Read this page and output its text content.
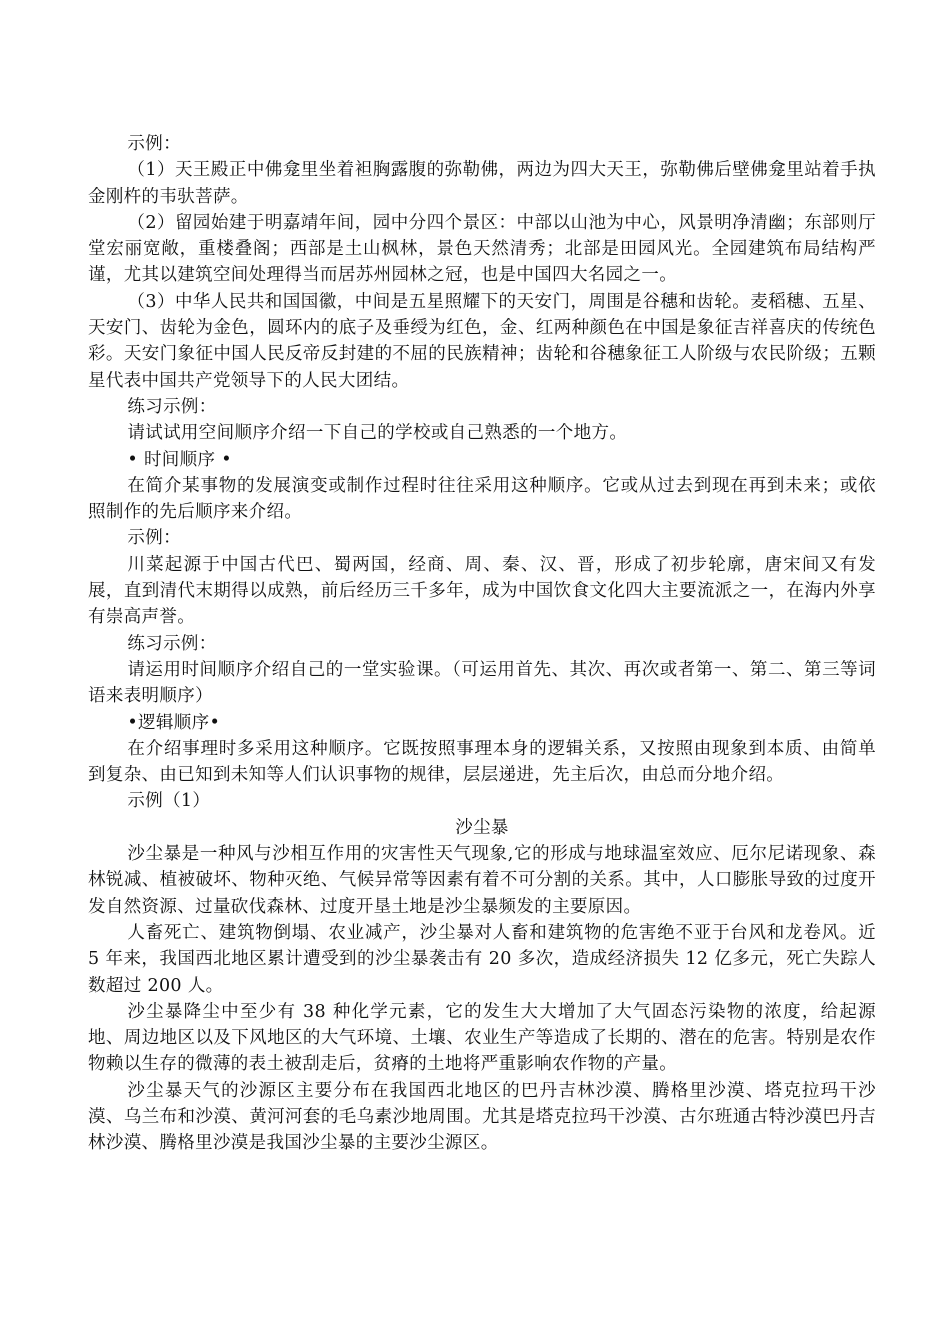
示例：

（1）天王殿正中佛龛里坐着袒胸露腹的弥勒佛，两边为四大天王，弥勒佛后壁佛龛里站着手执金刚杵的韦驮菩萨。

（2）留园始建于明嘉靖年间，园中分四个景区：中部以山池为中心，风景明净清幽；东部则厅堂宏丽宽敞，重楼叠阁；西部是土山枫林，景色天然清秀；北部是田园风光。全园建筑布局结构严谨，尤其以建筑空间处理得当而居苏州园林之冠，也是中国四大名园之一。

（3）中华人民共和国国徽，中间是五星照耀下的天安门，周围是谷穗和齿轮。麦稻穗、五星、天安门、齿轮为金色，圆环内的底子及垂绶为红色，金、红两种颜色在中国是象征吉祥喜庆的传统色彩。天安门象征中国人民反帝反封建的不屈的民族精神；齿轮和谷穗象征工人阶级与农民阶级；五颗星代表中国共产党领导下的人民大团结。

练习示例：

请试试用空间顺序介绍一下自己的学校或自己熟悉的一个地方。

• 时间顺序 •

在简介某事物的发展演变或制作过程时往往采用这种顺序。它或从过去到现在再到未来；或依照制作的先后顺序来介绍。

示例：

川菜起源于中国古代巴、蜀两国，经商、周、秦、汉、晋，形成了初步轮廓，唐宋间又有发展，直到清代末期得以成熟，前后经历三千多年，成为中国饮食文化四大主要流派之一，在海内外享有崇高声誉。

练习示例：

请运用时间顺序介绍自己的一堂实验课。（可运用首先、其次、再次或者第一、第二、第三等词语来表明顺序）

•逻辑顺序•

在介绍事理时多采用这种顺序。它既按照事理本身的逻辑关系，又按照由现象到本质、由简单到复杂、由已知到未知等人们认识事物的规律，层层递进，先主后次，由总而分地介绍。

示例（1）

沙尘暴

沙尘暴是一种风与沙相互作用的灾害性天气现象,它的形成与地球温室效应、厄尔尼诺现象、森林锐减、植被破坏、物种灭绝、气候异常等因素有着不可分割的关系。其中，人口膨胀导致的过度开发自然资源、过量砍伐森林、过度开垦土地是沙尘暴频发的主要原因。

人畜死亡、建筑物倒塌、农业减产，沙尘暴对人畜和建筑物的危害绝不亚于台风和龙卷风。近 5 年来，我国西北地区累计遭受到的沙尘暴袭击有 20 多次，造成经济损失 12 亿多元，死亡失踪人数超过 200 人。

沙尘暴降尘中至少有 38 种化学元素，它的发生大大增加了大气固态污染物的浓度，给起源地、周边地区以及下风地区的大气环境、土壤、农业生产等造成了长期的、潜在的危害。特别是农作物赖以生存的微薄的表土被刮走后，贫瘠的土地将严重影响农作物的产量。

沙尘暴天气的沙源区主要分布在我国西北地区的巴丹吉林沙漠、腾格里沙漠、塔克拉玛干沙漠、乌兰布和沙漠、黄河河套的毛乌素沙地周围。尤其是塔克拉玛干沙漠、古尔班通古特沙漠巴丹吉林沙漠、腾格里沙漠是我国沙尘暴的主要沙尘源区。
